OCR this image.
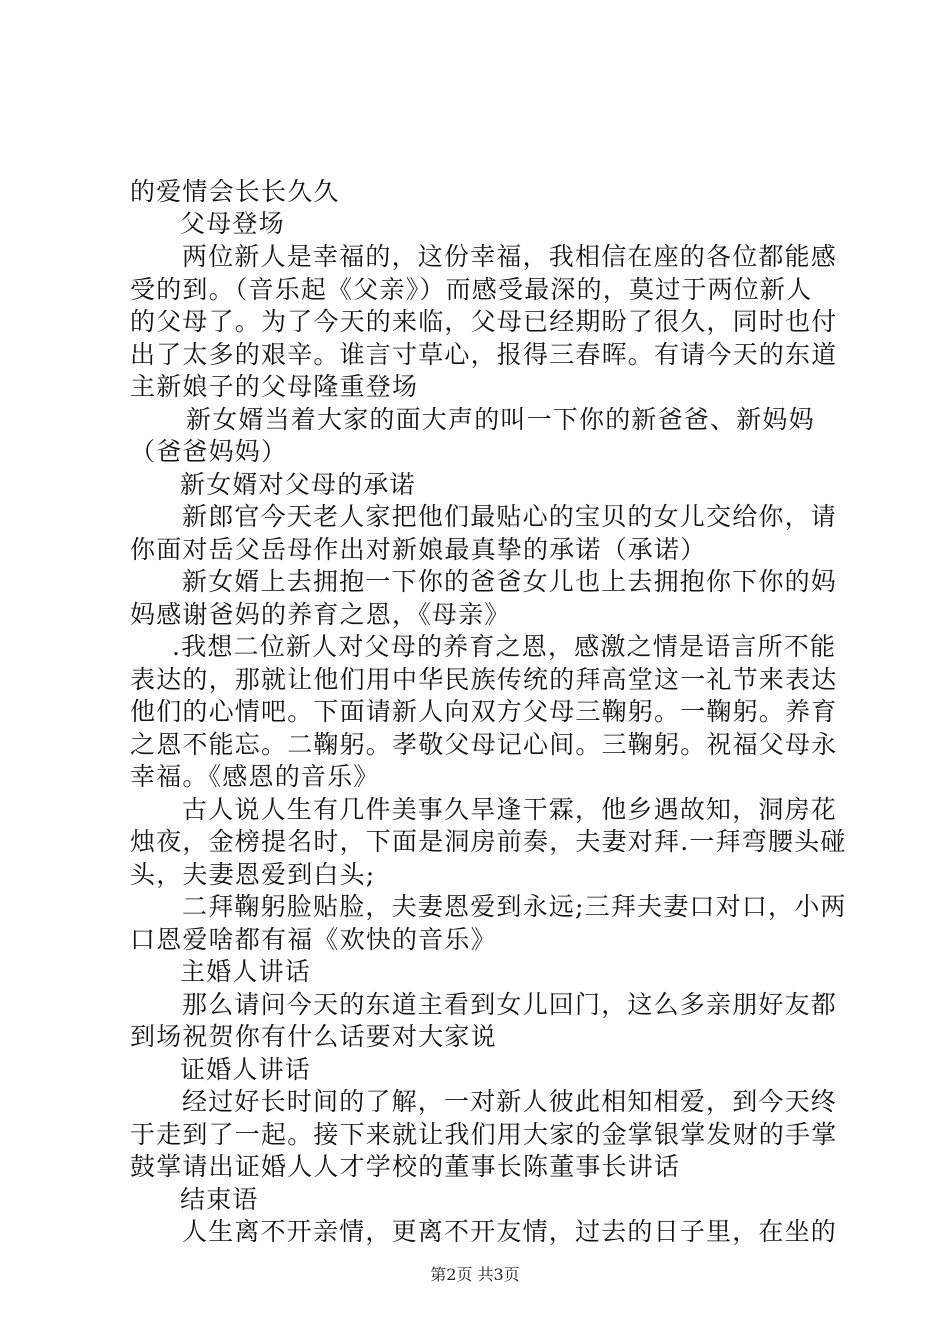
的爱情会长长久久
父母登场
两位新人是幸福的，这份幸福，我相信在座的各位都能感
受的到。（音乐起《父亲》）而感受最深的，莫过于两位新人
的父母了。为了今天的来临，父母已经期盼了很久，同时也付
出了太多的艰辛。谁言寸草心，报得三春晖。有请今天的东道
主新娘子的父母隆重登场
新女婿当着大家的面大声的叫一下你的新爸爸、新妈妈
（爸爸妈妈）
新女婿对父母的承诺
新郎官今天老人家把他们最贴心的宝贝的女儿交给你，请
你面对岳父岳母作出对新娘最真挚的承诺（承诺）
新女婿上去拥抱一下你的爸爸女儿也上去拥抱你下你的妈
妈感谢爸妈的养育之恩，《母亲》
.我想二位新人对父母的养育之恩，感激之情是语言所不能
表达的，那就让他们用中华民族传统的拜高堂这一礼节来表达
他们的心情吧。下面请新人向双方父母三鞠躬。一鞠躬。养育
之恩不能忘。二鞠躬。孝敬父母记心间。三鞠躬。祝福父母永
幸福。《感恩的音乐》
古人说人生有几件美事久旱逢干霖，他乡遇故知，洞房花
烛夜，金榜提名时，下面是洞房前奏，夫妻对拜.一拜弯腰头碰
头，夫妻恩爱到白头;
二拜鞠躬脸贴脸，夫妻恩爱到永远;三拜夫妻口对口，小两
口恩爱啥都有福《欢快的音乐》
主婚人讲话
那么请问今天的东道主看到女儿回门，这么多亲朋好友都
到场祝贺你有什么话要对大家说
证婚人讲话
经过好长时间的了解，一对新人彼此相知相爱，到今天终
于走到了一起。接下来就让我们用大家的金掌银掌发财的手掌
鼓掌请出证婚人人才学校的董事长陈董事长讲话
结束语
人生离不开亲情，更离不开友情，过去的日子里，在坐的
第2页 共3页
